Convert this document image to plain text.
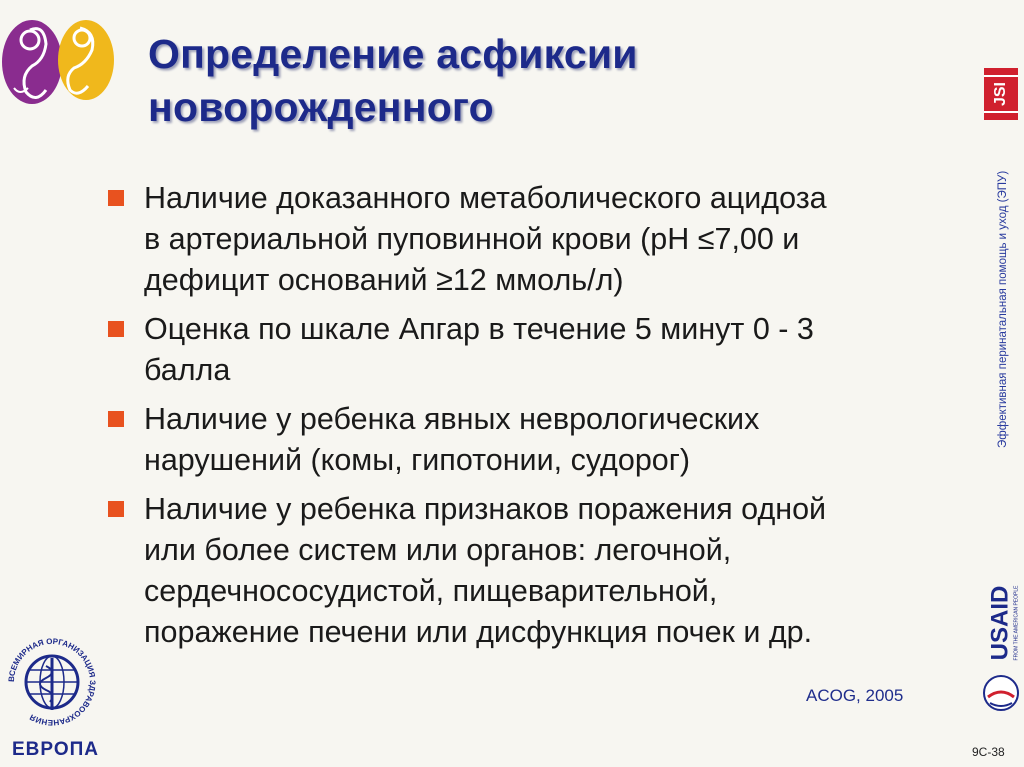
Определение асфиксии
новорожденного
Наличие доказанного метаболического ацидоза
в артериальной пуповинной крови (pH ≤7,00 и
дефицит оснований ≥12 ммоль/л)
Оценка по шкале Апгар в течение 5 минут 0 - 3
балла
Наличие у ребенка явных неврологических
нарушений (комы, гипотонии, судорог)
Наличие у ребенка признаков поражения одной
или более систем или органов: легочной,
сердечнососудистой, пищеварительной,
поражение печени или дисфункция почек и др.
ACOG, 2005
9C-38
Эффективная перинатальная помощь и уход (ЭПУ)
JSI
USAID FROM THE AMERICAN PEOPLE
ВСЕМИРНАЯ ОРГАНИЗАЦИЯ ЗДРАВООХРАНЕНИЯ
ЕВРОПА
